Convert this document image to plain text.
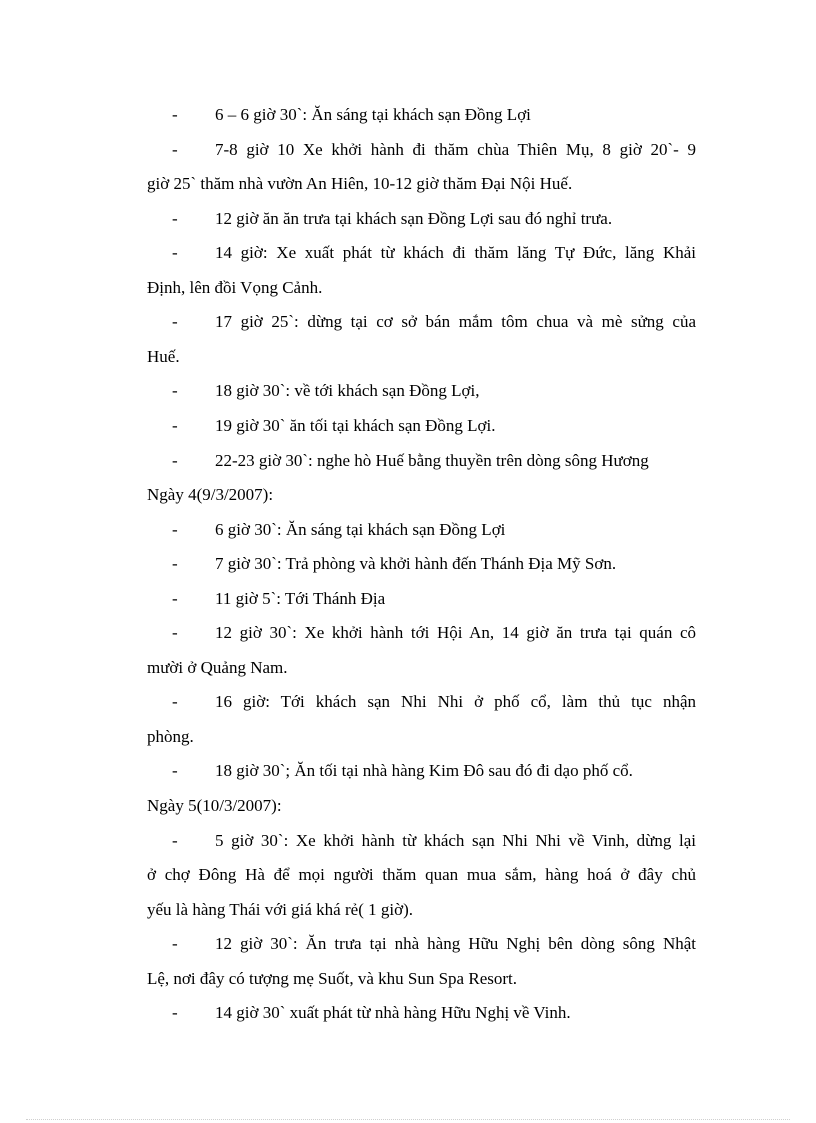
- 6 – 6 giờ 30`: Ăn sáng tại khách sạn Đồng Lợi
- 7-8 giờ 10 Xe khởi hành đi thăm chùa Thiên Mụ, 8 giờ 20`- 9
giờ 25` thăm nhà vườn An Hiên, 10-12 giờ thăm Đại Nội Huế.
- 12 giờ ăn ăn trưa tại khách sạn Đồng Lợi sau đó nghỉ trưa.
- 14 giờ: Xe xuất phát từ khách đi thăm lăng Tự Đức, lăng Khải
Định, lên đồi Vọng Cảnh.
- 17 giờ 25`: dừng tại cơ sở bán mắm tôm chua và mè sửng của
Huế.
- 18 giờ 30`: về tới khách sạn Đồng Lợi,
- 19 giờ 30` ăn tối tại khách sạn Đồng Lợi.
- 22-23 giờ 30`: nghe hò Huế bằng thuyền trên dòng sông Hương
Ngày 4(9/3/2007):
- 6 giờ 30`: Ăn sáng tại khách sạn Đồng Lợi
- 7 giờ 30`: Trả phòng và khởi hành đến Thánh Địa Mỹ Sơn.
- 11 giờ 5`: Tới Thánh Địa
- 12 giờ 30`: Xe khởi hành tới Hội An, 14 giờ ăn trưa tại quán cô
mười ở Quảng Nam.
- 16 giờ: Tới khách sạn Nhi Nhi ở phố cổ, làm thủ tục nhận
phòng.
- 18 giờ 30`; Ăn tối tại nhà hàng Kim Đô sau đó đi dạo phố cổ.
Ngày 5(10/3/2007):
- 5 giờ 30`: Xe khởi hành từ khách sạn Nhi Nhi về Vinh, dừng lại
ở chợ Đông Hà để mọi người thăm quan mua sắm, hàng hoá ở đây chủ
yếu là hàng Thái với giá khá rẻ( 1 giờ).
- 12 giờ 30`: Ăn trưa tại nhà hàng Hữu Nghị bên dòng sông Nhật
Lệ, nơi đây có tượng mẹ Suốt, và khu Sun Spa Resort.
- 14 giờ 30` xuất phát từ nhà hàng Hữu Nghị về Vinh.
